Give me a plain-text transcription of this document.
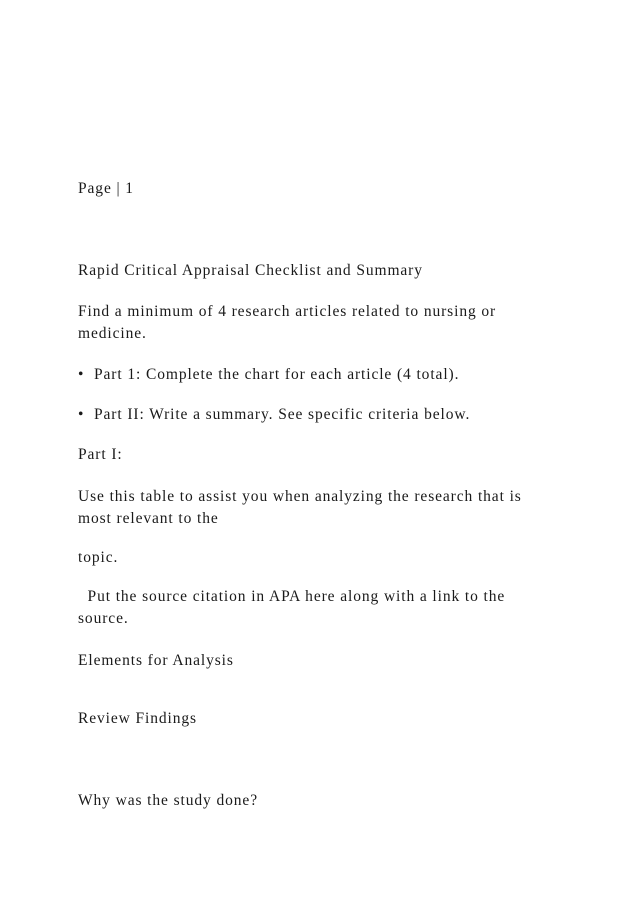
Page | 1
Rapid Critical Appraisal Checklist and Summary
Find a minimum of 4 research articles related to nursing or
medicine.
• Part 1: Complete the chart for each article (4 total).
• Part II: Write a summary. See specific criteria below.
Part I:
Use this table to assist you when analyzing the research that is
most relevant to the
topic.
Put the source citation in APA here along with a link to the
source.
Elements for Analysis
Review Findings
Why was the study done?
